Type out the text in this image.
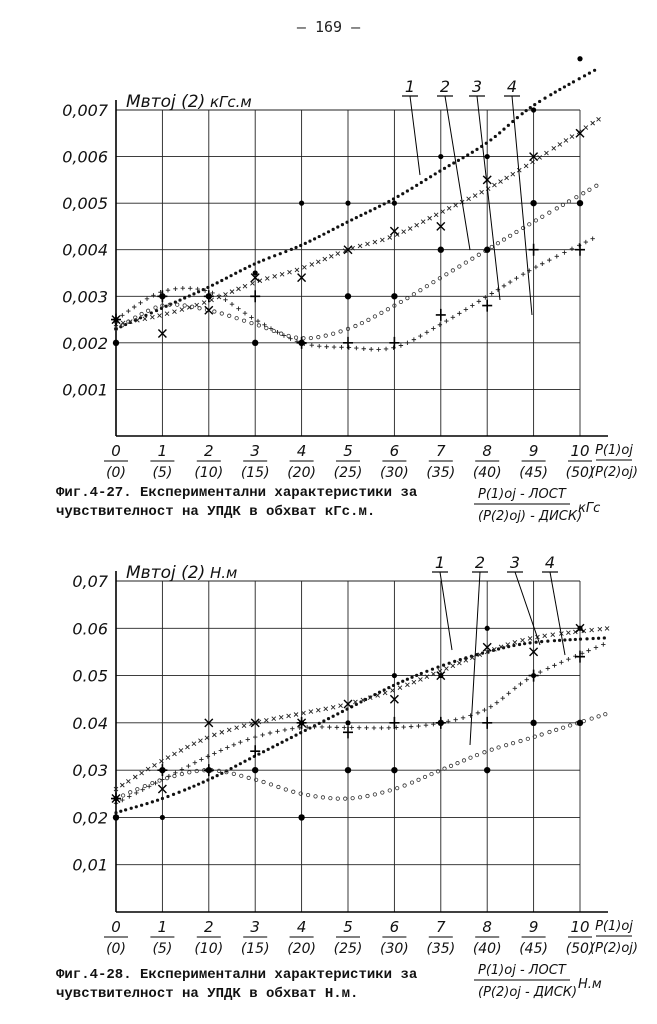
– 169 –
0,001
0,002
0,003
0,004
0,005
0,006
0,007
0
(0)
1
(5)
2
(10)
3
(15)
4
(20)
5
(25)
6
(30)
7
(35)
8
(40)
9
(45)
10
(50)
P(1)oj
(P(2)oj)
Mвтоj (2) кГс.м
P(1)oj - ЛОСТ
(P(2)oj) - ДИСК)
кГс
1 2 3 4
Фиг.4-27. Експериментални характеристики за
чувствителност на УПДК в обхват кГс.м.
0,01
0,02
0,03
0.04
0.05
0.06
0,07
0
(0)
1
(5)
2
(10)
3
(15)
4
(20)
5
(25)
6
(30)
7
(35)
8
(40)
9
(45)
10
(50)
P(1)oj
(P(2)oj)
Mвтоj (2) Н.м
P(1)oj - ЛОСТ
(P(2)oj - ДИСК)
Н.м
1 2 3 4
Фиг.4-28. Експериментални характеристики за
чувствителност на УПДК в обхват Н.м.
